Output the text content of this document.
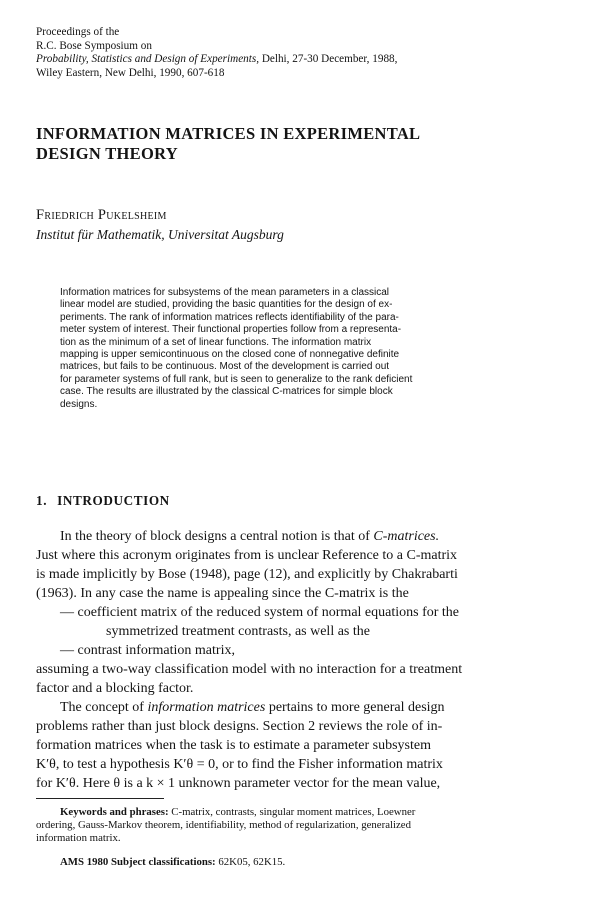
Proceedings of the
R.C. Bose Symposium on
Probability, Statistics and Design of Experiments, Delhi, 27-30 December, 1988,
Wiley Eastern, New Delhi, 1990, 607-618
INFORMATION MATRICES IN EXPERIMENTAL
DESIGN THEORY
Friedrich Pukelsheim
Institut für Mathematik, Universitat Augsburg
Information matrices for subsystems of the mean parameters in a classical
linear model are studied, providing the basic quantities for the design of ex-
periments. The rank of information matrices reflects identifiability of the para-
meter system of interest. Their functional properties follow from a representa-
tion as the minimum of a set of linear functions. The information matrix
mapping is upper semicontinuous on the closed cone of nonnegative definite
matrices, but fails to be continuous. Most of the development is carried out
for parameter systems of full rank, but is seen to generalize to the rank deficient
case. The results are illustrated by the classical C-matrices for simple block
designs.
1. INTRODUCTION
In the theory of block designs a central notion is that of C-matrices.
Just where this acronym originates from is unclear Reference to a C-matrix
is made implicitly by Bose (1948), page (12), and explicitly by Chakrabarti
(1963). In any case the name is appealing since the C-matrix is the
— coefficient matrix of the reduced system of normal equations for the
symmetrized treatment contrasts, as well as the
— contrast information matrix,
assuming a two-way classification model with no interaction for a treatment
factor and a blocking factor.
The concept of information matrices pertains to more general design
problems rather than just block designs. Section 2 reviews the role of in-
formation matrices when the task is to estimate a parameter subsystem
K′θ, to test a hypothesis K′θ = 0, or to find the Fisher information matrix
for K′θ. Here θ is a k × 1 unknown parameter vector for the mean value,
Keywords and phrases: C-matrix, contrasts, singular moment matrices, Loewner
ordering, Gauss-Markov theorem, identifiability, method of regularization, generalized
information matrix.
AMS 1980 Subject classifications: 62K05, 62K15.
